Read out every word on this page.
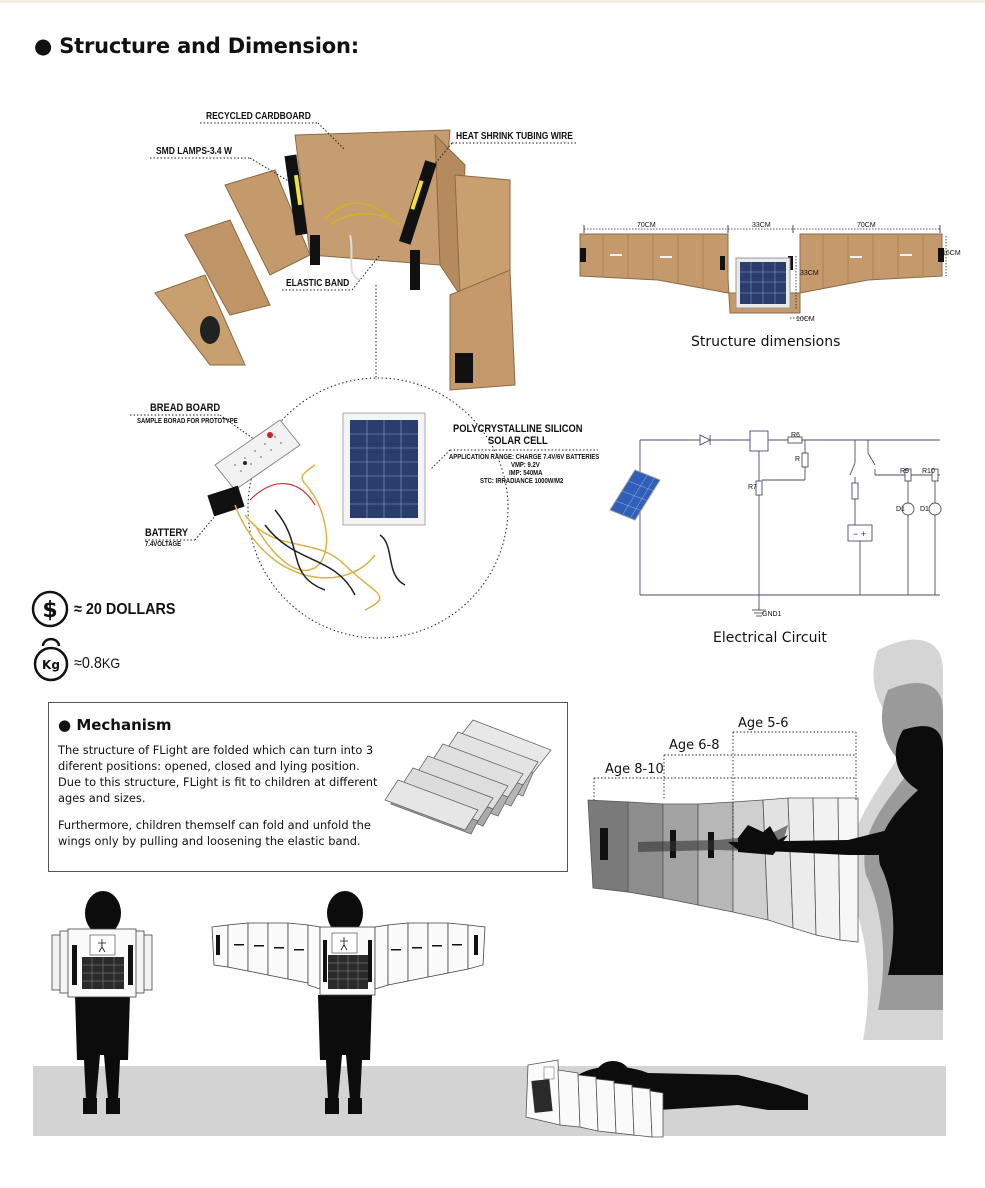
● Structure and Dimension:
RECYCLED CARDBOARD
SMD LAMPS-3.4 W
HEAT SHRINK TUBING WIRE
ELASTIC BAND
BREAD BOARD
SAMPLE BORAD FOR PROTOTYPE
BATTERY
7.4VOLTAGE
POLYCRYSTALLINE SILICON
SOLAR CELL
APPLICATION RANGE: CHARGE 7.4V/6V BATTERIES
VMP: 9.2V
IMP: 540MA
STC: IRRADIANCE 1000W/M2
70CM	33CM	70CM
16CM
33CM
10CM
Structure dimensions
− +
R6
R7
R
R9 R10
D1 D1
GND1
Electrical Circuit
$ ≈ 20 DOLLARS
Kg ≈0.8KG
● Mechanism
The structure of FLight are folded which can turn into 3 diferent positions: opened, closed and lying position. Due to this structure, FLight is fit to children at different ages and sizes.
Furthermore, children themself can fold and unfold the wings only by pulling and loosening the elastic band.
Age 5-6
Age 6-8
Age 8-10
